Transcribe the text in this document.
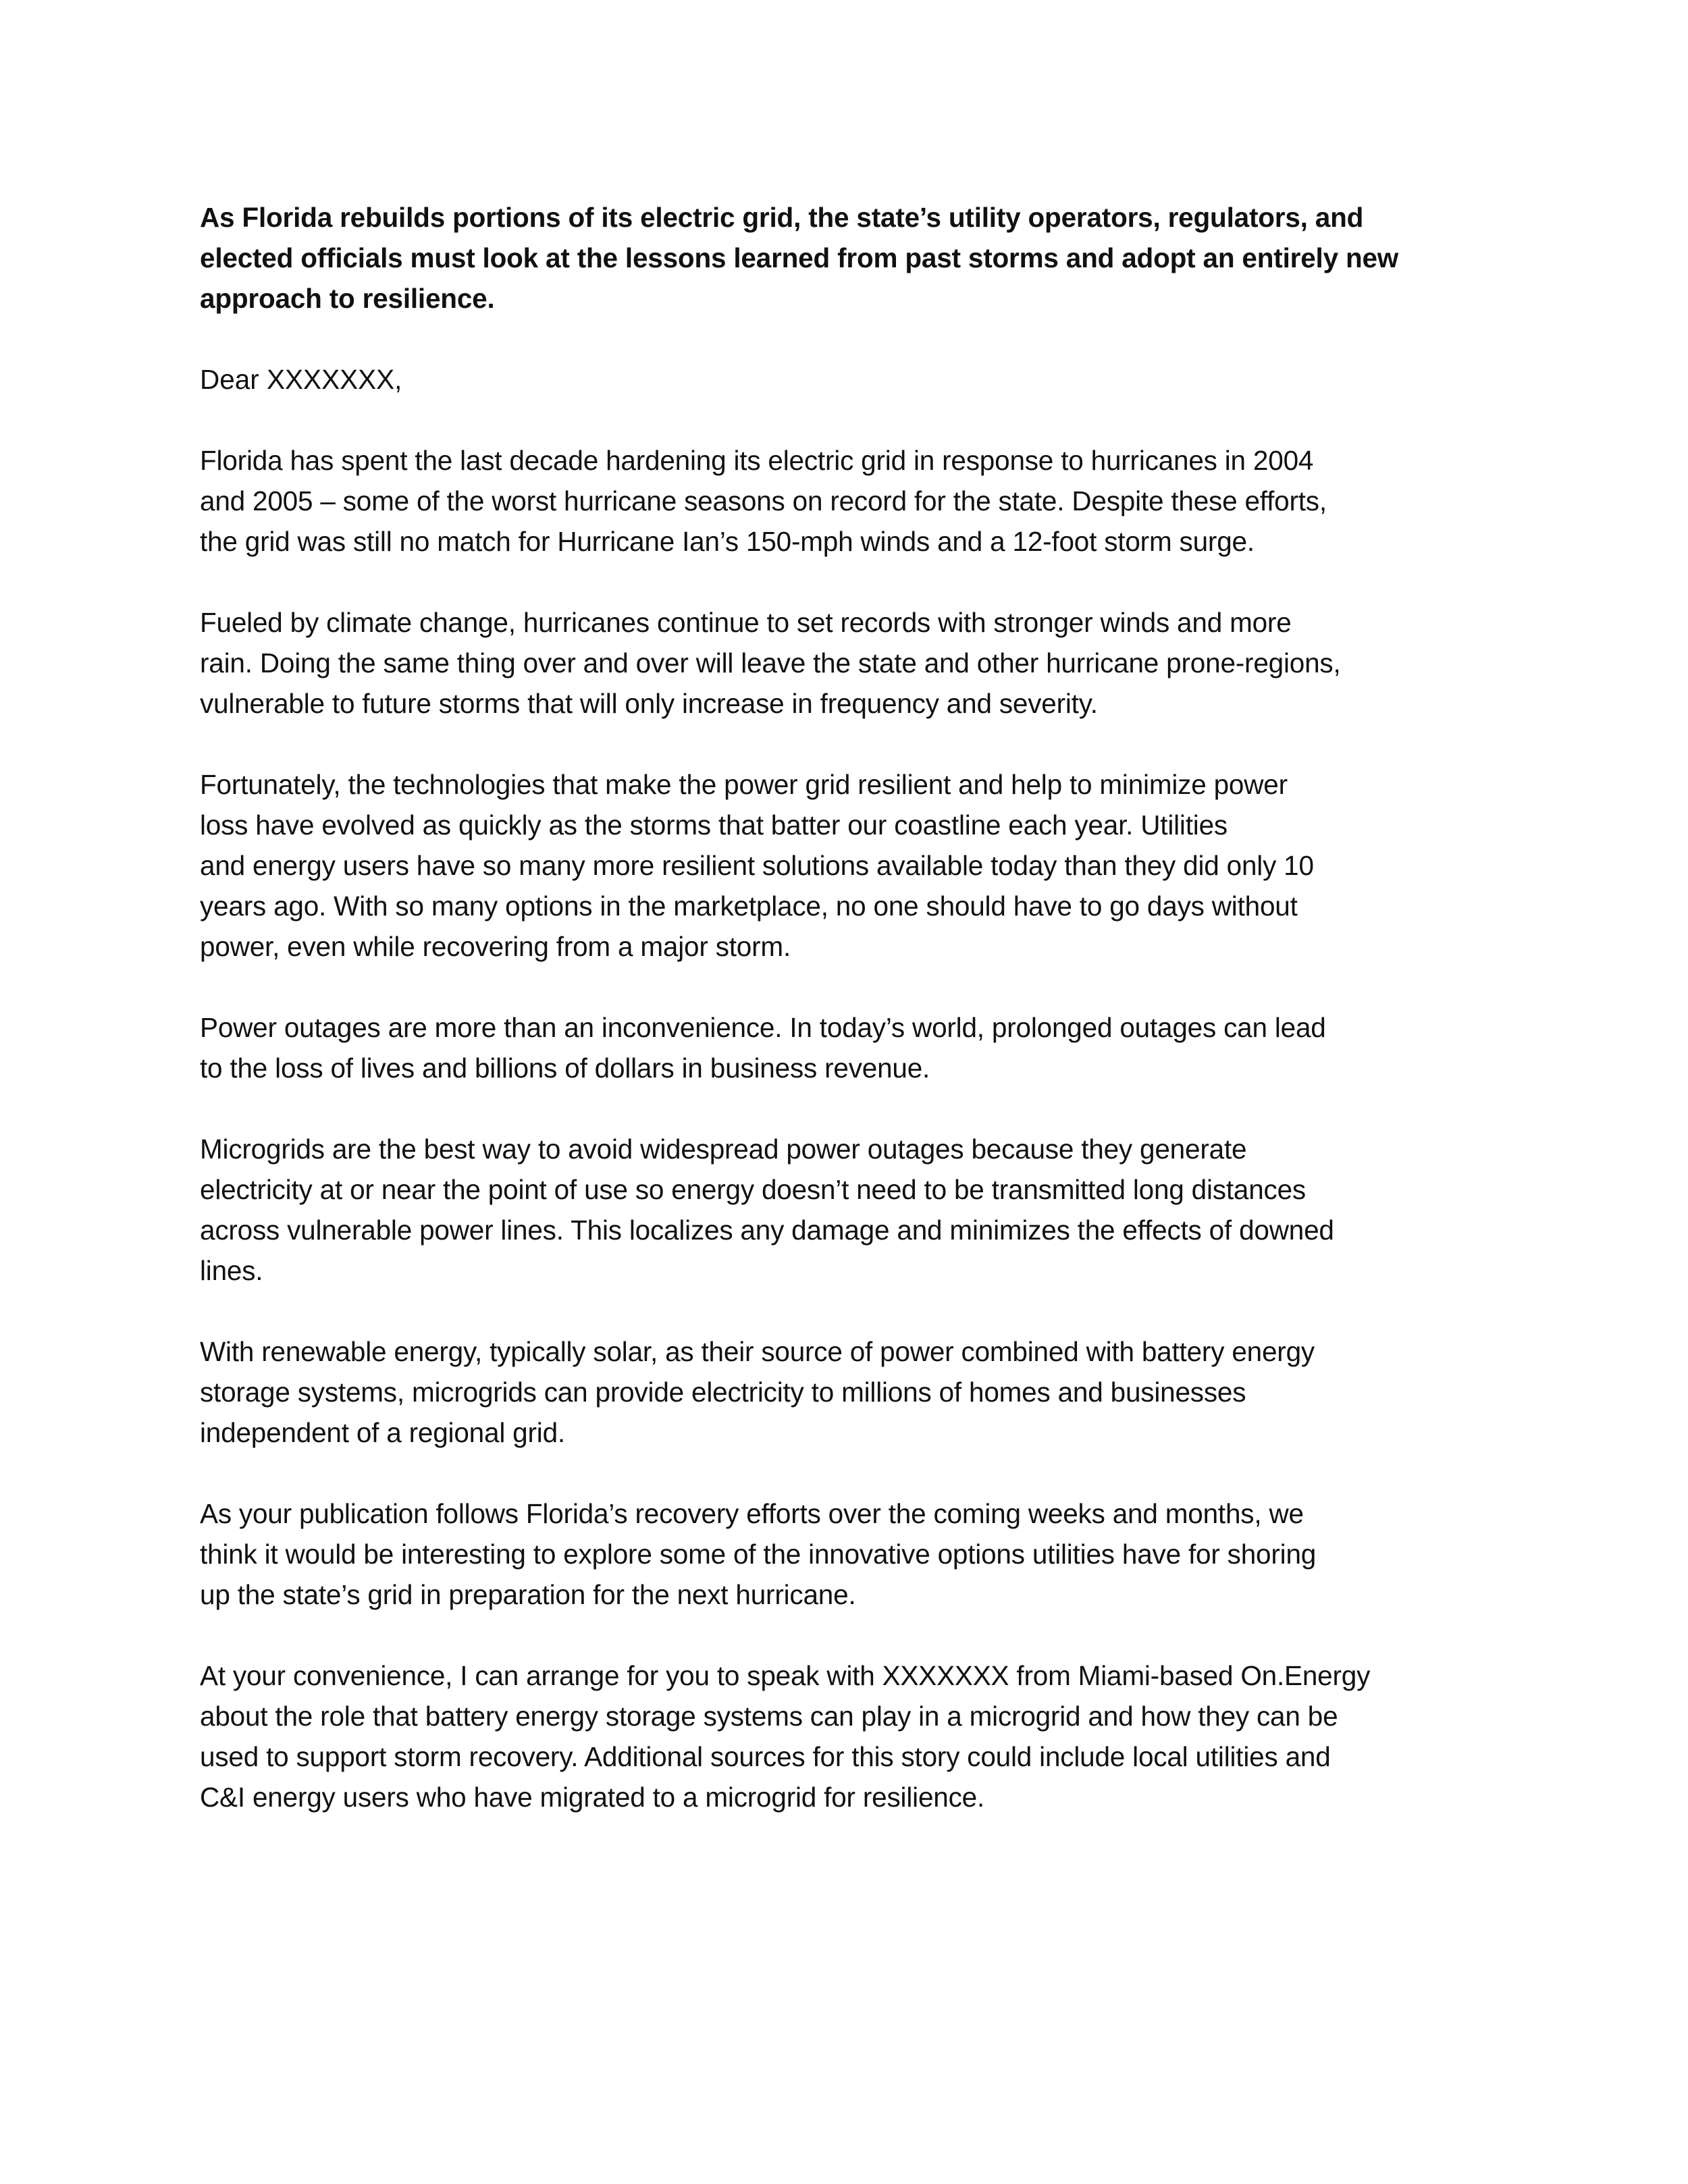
As Florida rebuilds portions of its electric grid, the state’s utility operators, regulators, and
elected officials must look at the lessons learned from past storms and adopt an entirely new
approach to resilience.
Dear XXXXXXX,
Florida has spent the last decade hardening its electric grid in response to hurricanes in 2004
and 2005 – some of the worst hurricane seasons on record for the state. Despite these efforts,
the grid was still no match for Hurricane Ian’s 150-mph winds and a 12-foot storm surge.
Fueled by climate change, hurricanes continue to set records with stronger winds and more
rain. Doing the same thing over and over will leave the state and other hurricane prone-regions,
vulnerable to future storms that will only increase in frequency and severity.
Fortunately, the technologies that make the power grid resilient and help to minimize power
loss have evolved as quickly as the storms that batter our coastline each year. Utilities
and energy users have so many more resilient solutions available today than they did only 10
years ago. With so many options in the marketplace, no one should have to go days without
power, even while recovering from a major storm.
Power outages are more than an inconvenience. In today’s world, prolonged outages can lead
to the loss of lives and billions of dollars in business revenue.
Microgrids are the best way to avoid widespread power outages because they generate
electricity at or near the point of use so energy doesn’t need to be transmitted long distances
across vulnerable power lines. This localizes any damage and minimizes the effects of downed
lines.
With renewable energy, typically solar, as their source of power combined with battery energy
storage systems, microgrids can provide electricity to millions of homes and businesses
independent of a regional grid.
As your publication follows Florida’s recovery efforts over the coming weeks and months, we
think it would be interesting to explore some of the innovative options utilities have for shoring
up the state’s grid in preparation for the next hurricane.
At your convenience, I can arrange for you to speak with XXXXXXX from Miami-based On.Energy
about the role that battery energy storage systems can play in a microgrid and how they can be
used to support storm recovery. Additional sources for this story could include local utilities and
C&I energy users who have migrated to a microgrid for resilience.
